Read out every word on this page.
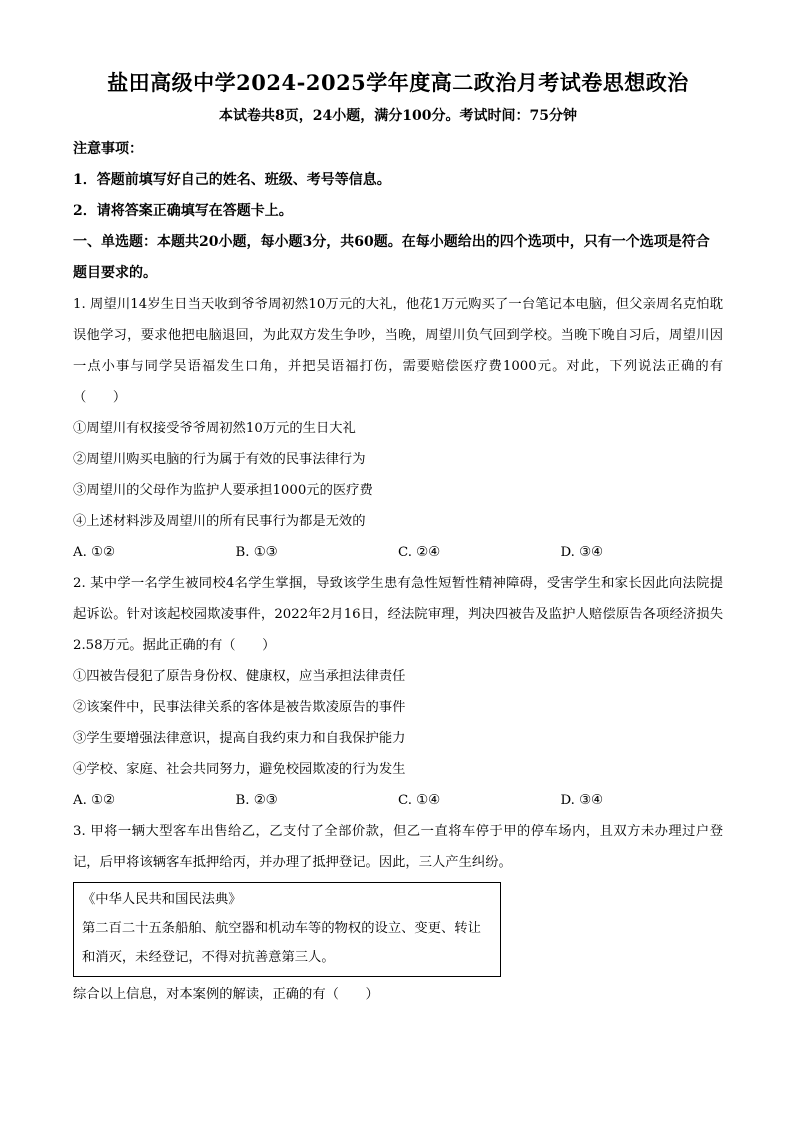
盐田高级中学2024-2025学年度高二政治月考试卷思想政治

本试卷共8页，24小题，满分100分。考试时间：75分钟

注意事项：

1．答题前填写好自己的姓名、班级、考号等信息。

2．请将答案正确填写在答题卡上。

一、单选题：本题共20小题，每小题3分，共60题。在每小题给出的四个选项中，只有一个选项是符合题目要求的。

1. 周望川14岁生日当天收到爷爷周初然10万元的大礼，他花1万元购买了一台笔记本电脑，但父亲周名克怕耽误他学习，要求他把电脑退回，为此双方发生争吵，当晚，周望川负气回到学校。当晚下晚自习后，周望川因一点小事与同学吴语福发生口角，并把吴语福打伤，需要赔偿医疗费1000元。对此，下列说法正确的有（　　）

①周望川有权接受爷爷周初然10万元的生日大礼

②周望川购买电脑的行为属于有效的民事法律行为

③周望川的父母作为监护人要承担1000元的医疗费

④上述材料涉及周望川的所有民事行为都是无效的

A. ①②	B. ①③	C. ②④	D. ③④

2. 某中学一名学生被同校4名学生掌掴，导致该学生患有急性短暂性精神障碍，受害学生和家长因此向法院提起诉讼。针对该起校园欺凌事件，2022年2月16日，经法院审理，判决四被告及监护人赔偿原告各项经济损失2.58万元。据此正确的有（　　）

①四被告侵犯了原告身份权、健康权，应当承担法律责任

②该案件中，民事法律关系的客体是被告欺凌原告的事件

③学生要增强法律意识，提高自我约束力和自我保护能力

④学校、家庭、社会共同努力，避免校园欺凌的行为发生

A. ①②	B. ②③	C. ①④	D. ③④

3. 甲将一辆大型客车出售给乙，乙支付了全部价款，但乙一直将车停于甲的停车场内，且双方未办理过户登记，后甲将该辆客车抵押给丙，并办理了抵押登记。因此，三人产生纠纷。

《中华人民共和国民法典》

第二百二十五条船舶、航空器和机动车等的物权的设立、变更、转让和消灭，未经登记，不得对抗善意第三人。

综合以上信息，对本案例的解读，正确的有（　　）
